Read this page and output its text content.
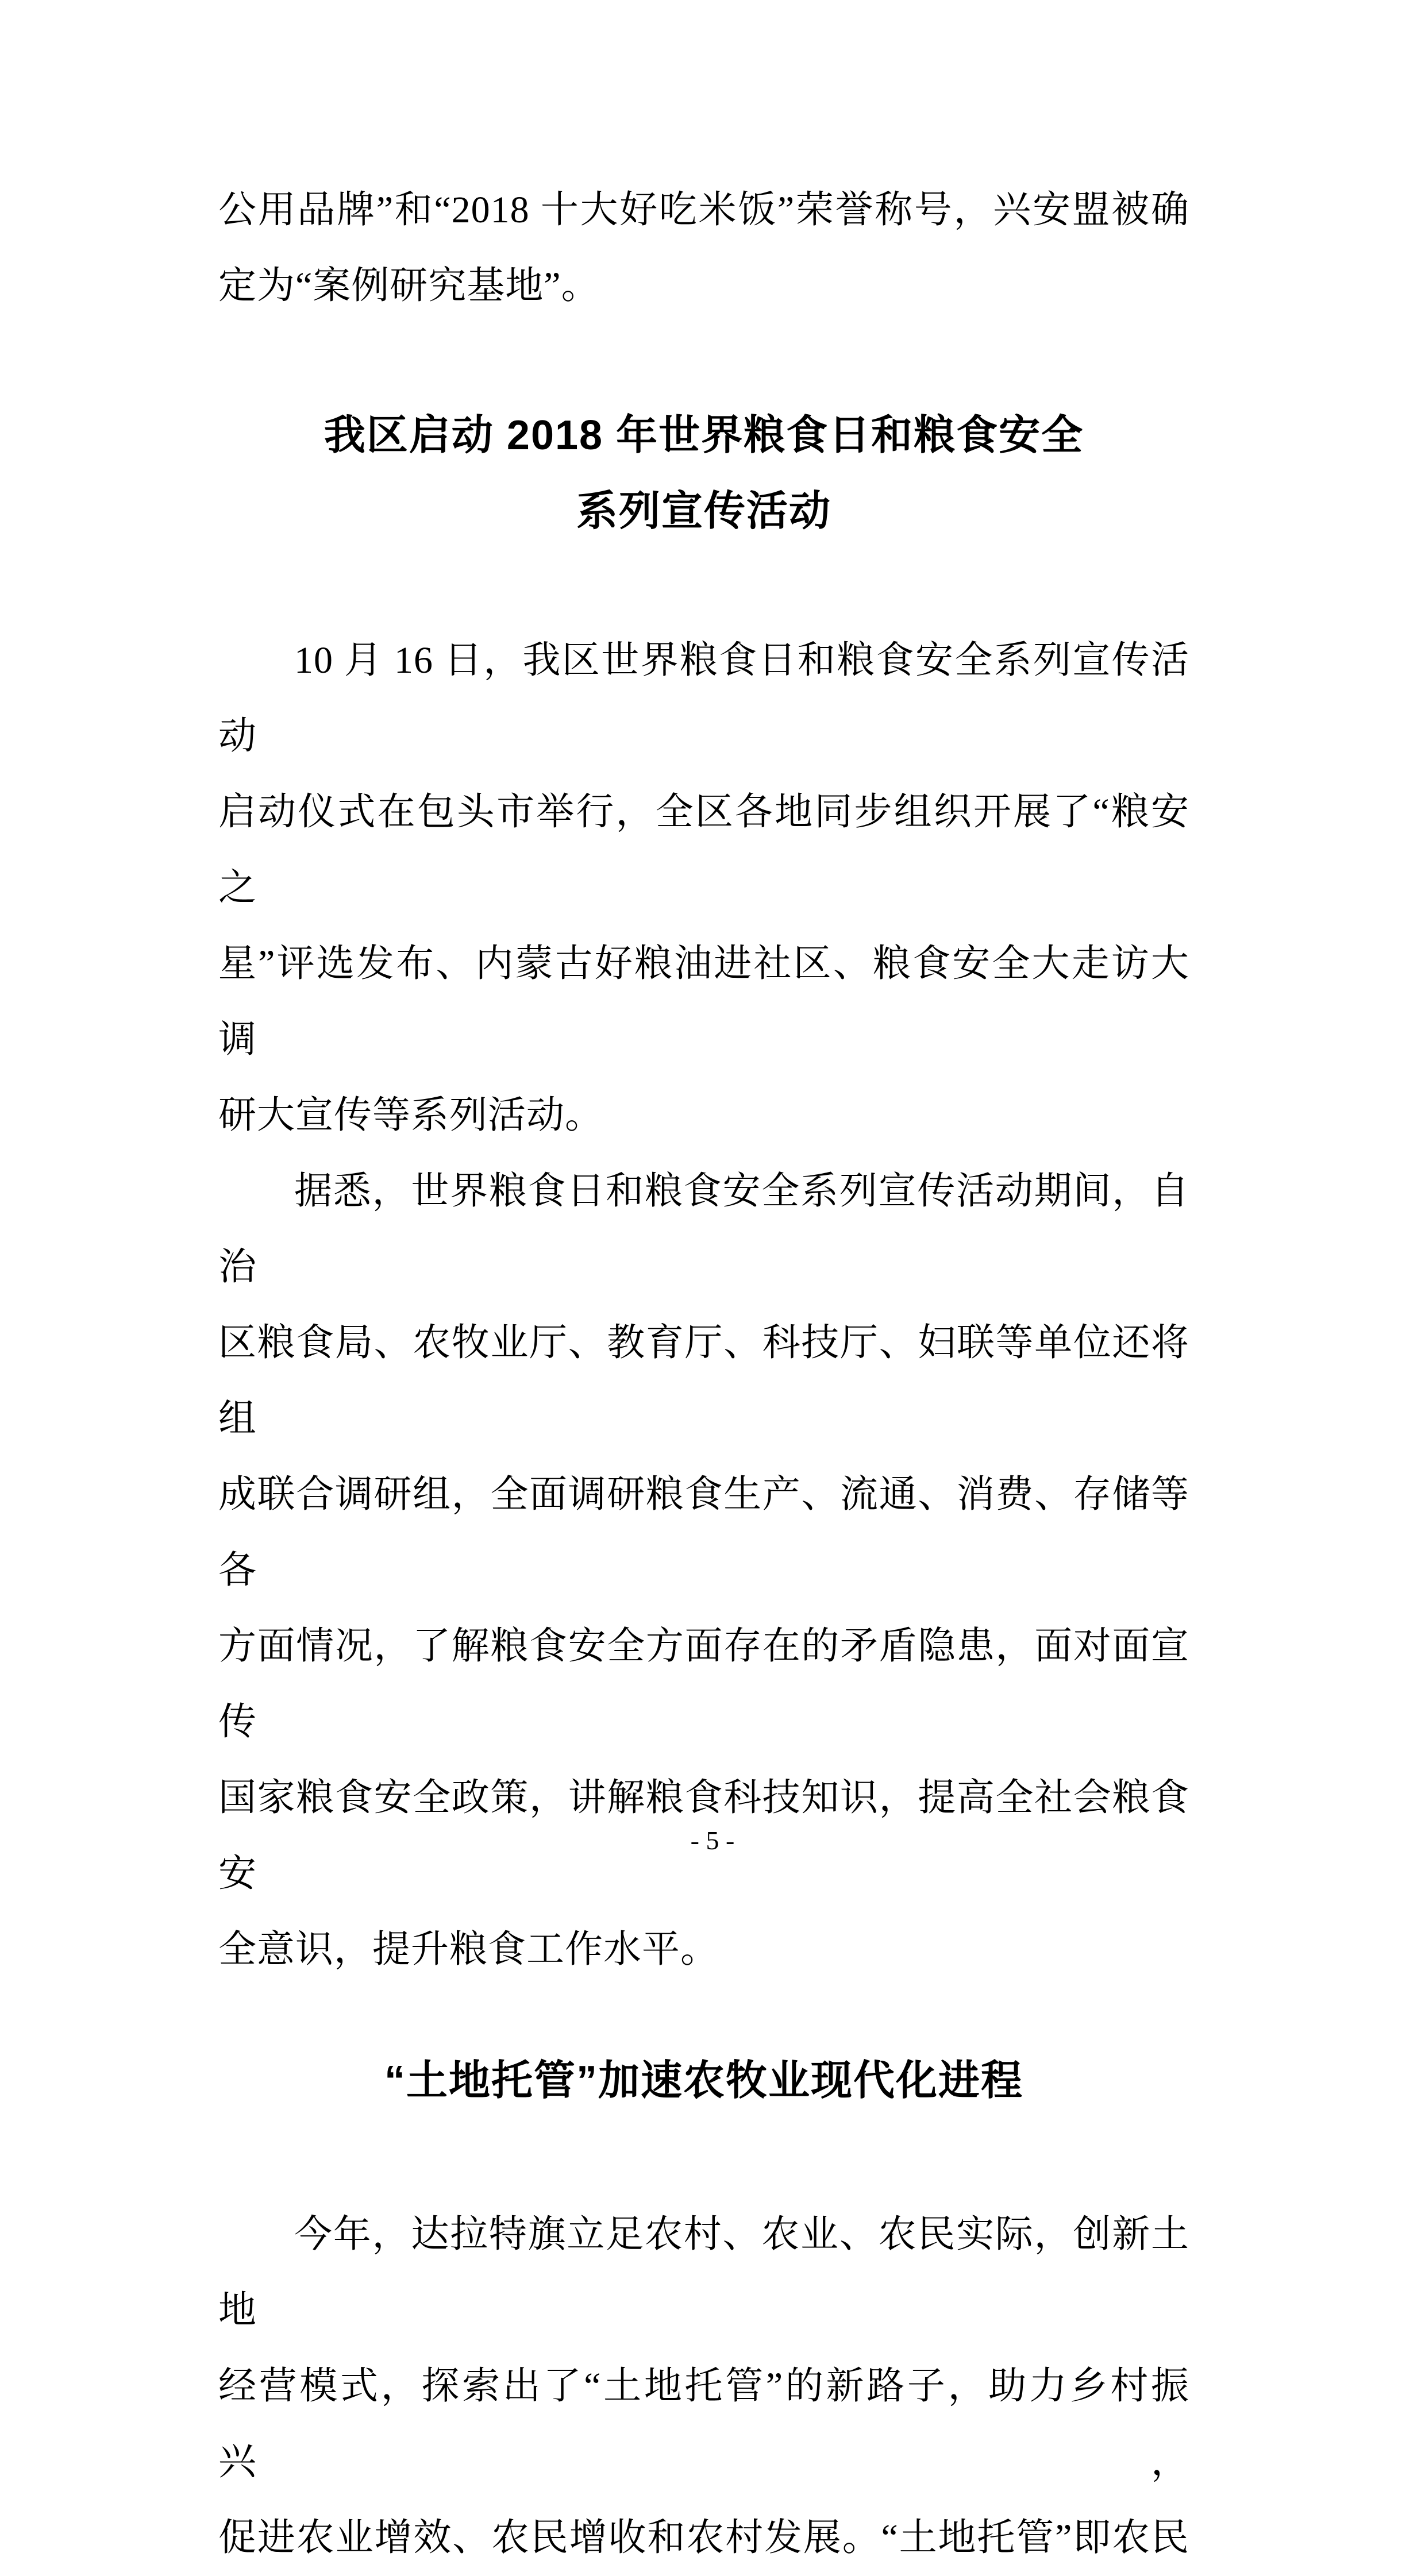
公用品牌”和“2018 十大好吃米饭”荣誉称号，兴安盟被确
定为“案例研究基地”。

我区启动 2018 年世界粮食日和粮食安全
系列宣传活动

10 月 16 日，我区世界粮食日和粮食安全系列宣传活动
启动仪式在包头市举行，全区各地同步组织开展了“粮安之
星”评选发布、内蒙古好粮油进社区、粮食安全大走访大调
研大宣传等系列活动。

据悉，世界粮食日和粮食安全系列宣传活动期间，自治
区粮食局、农牧业厅、教育厅、科技厅、妇联等单位还将组
成联合调研组，全面调研粮食生产、流通、消费、存储等各
方面情况，了解粮食安全方面存在的矛盾隐患，面对面宣传
国家粮食安全政策，讲解粮食科技知识，提高全社会粮食安
全意识，提升粮食工作水平。

“土地托管”加速农牧业现代化进程

今年，达拉特旗立足农村、农业、农民实际，创新土地
经营模式，探索出了“土地托管”的新路子，助力乡村振兴，
促进农业增效、农民增收和农村发展。“土地托管”即农民

- 5 -
